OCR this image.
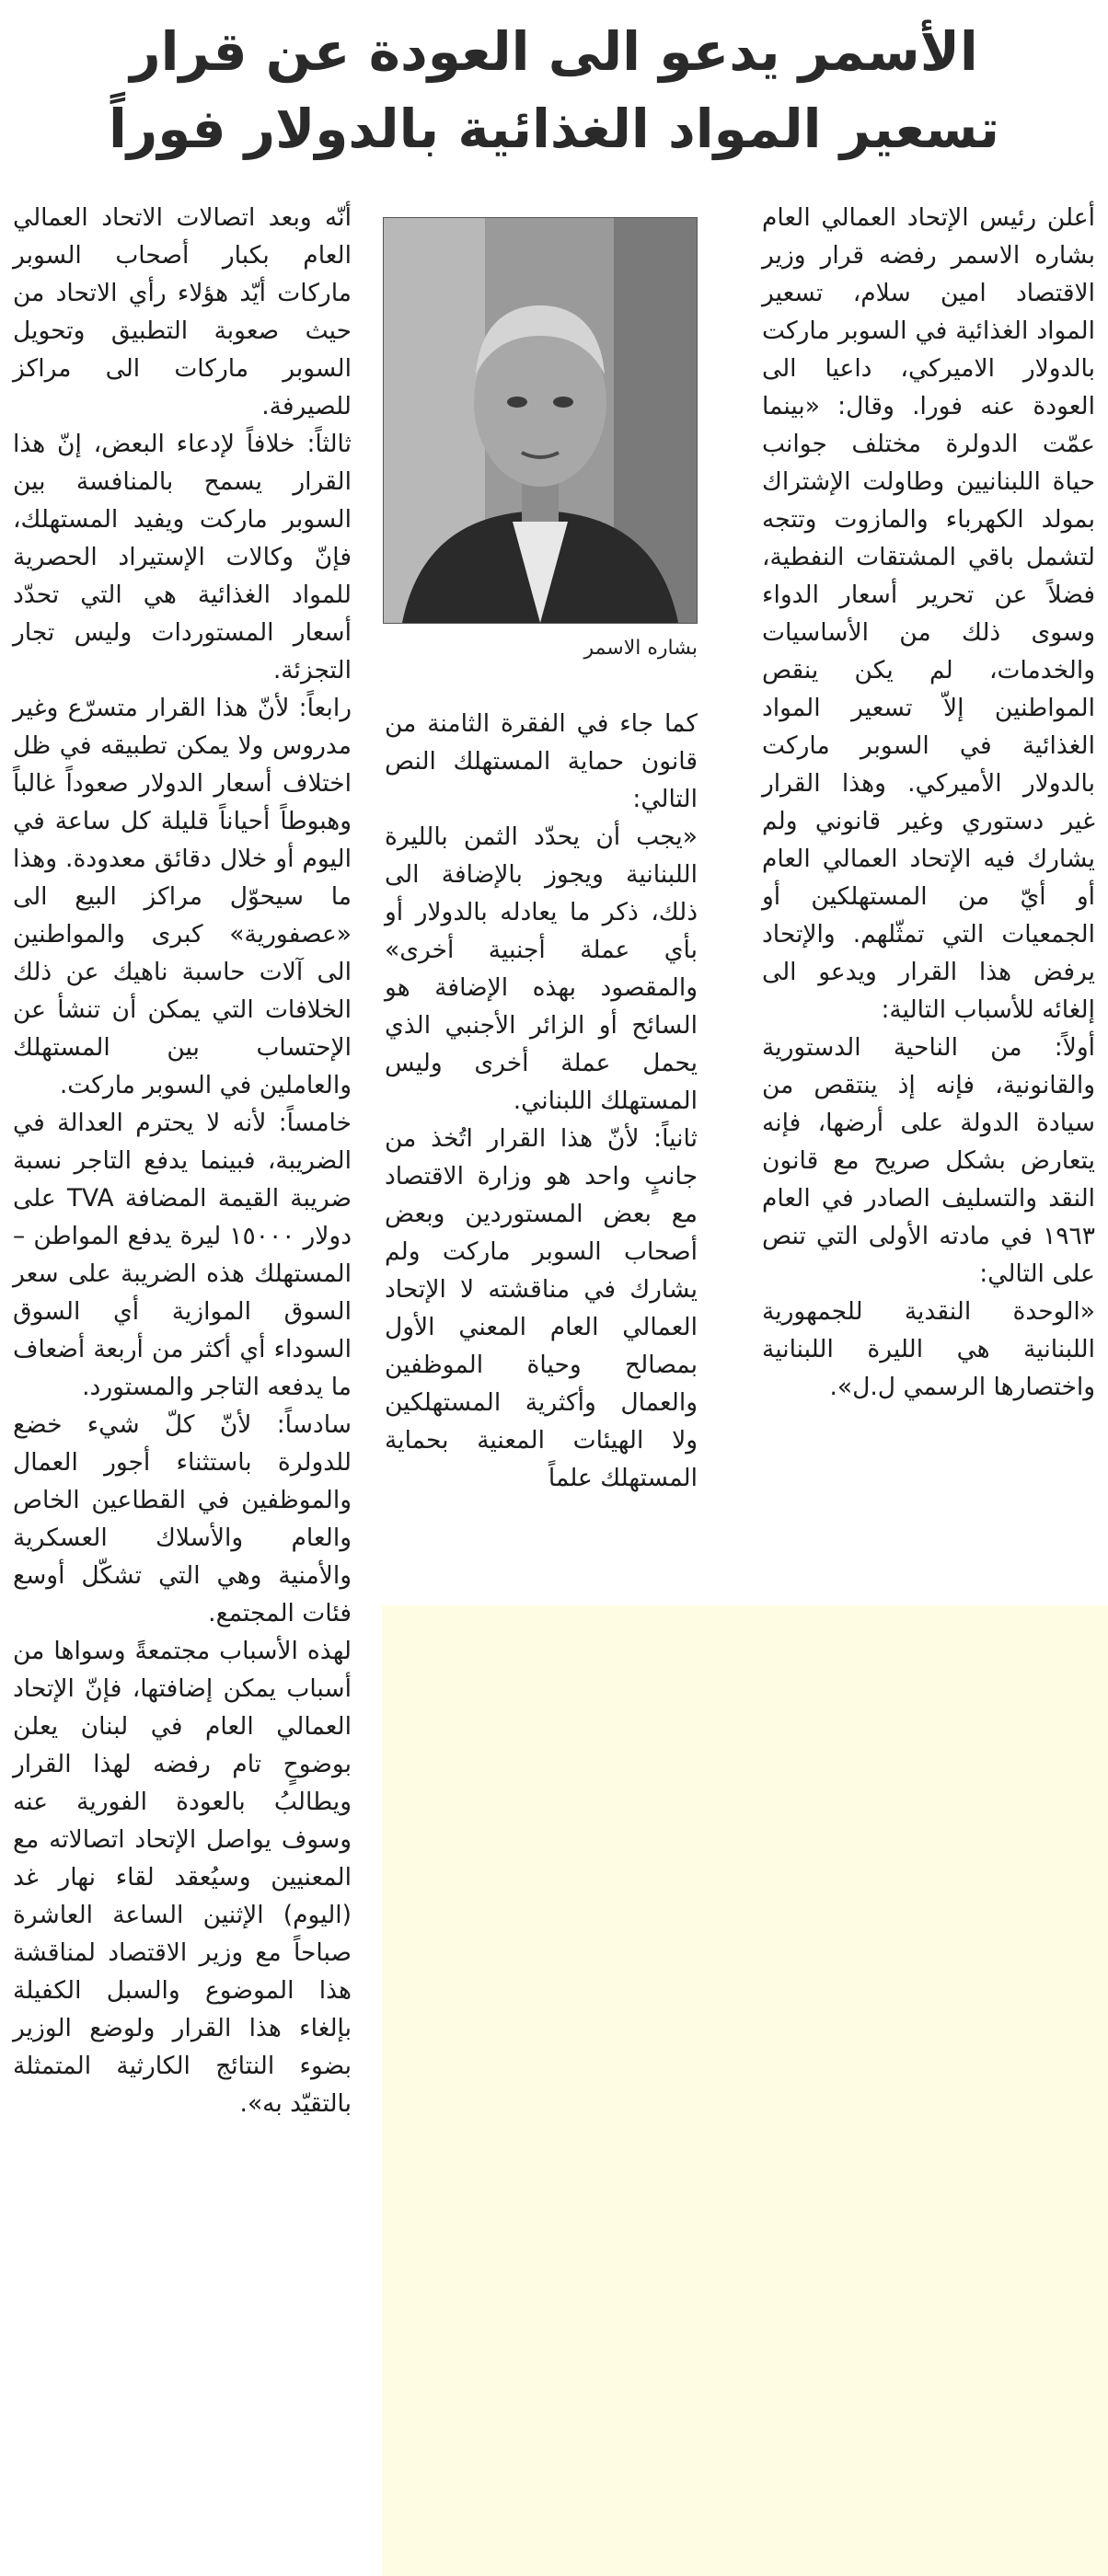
الأسمر يدعو الى العودة عن قرار
تسعير المواد الغذائية بالدولار فوراً

أعلن رئيس الإتحاد العمالي العام بشاره الاسمر رفضه قرار وزير الاقتصاد امين سلام، تسعير المواد الغذائية في السوبر ماركت بالدولار الاميركي، داعيا الى العودة عنه فورا. وقال: «بينما عمّت الدولرة مختلف جوانب حياة اللبنانيين وطاولت الإشتراك بمولد الكهرباء والمازوت وتتجه لتشمل باقي المشتقات النفطية، فضلاً عن تحرير أسعار الدواء وسوى ذلك من الأساسيات والخدمات، لم يكن ينقص المواطنين إلاّ تسعير المواد الغذائية في السوبر ماركت بالدولار الأميركي. وهذا القرار غير دستوري وغير قانوني ولم يشارك فيه الإتحاد العمالي العام أو أيّ من المستهلكين أو الجمعيات التي تمثّلهم. والإتحاد يرفض هذا القرار ويدعو الى إلغائه للأسباب التالية:

أولاً: من الناحية الدستورية والقانونية، فإنه إذ ينتقص من سيادة الدولة على أرضها، فإنه يتعارض بشكل صريح مع قانون النقد والتسليف الصادر في العام ١٩٦٣ في مادته الأولى التي تنص على التالي:

«الوحدة النقدية للجمهورية اللبنانية هي الليرة اللبنانية واختصارها الرسمي ل.ل».

بشاره الاسمر

كما جاء في الفقرة الثامنة من قانون حماية المستهلك النص التالي:

«يجب أن يحدّد الثمن بالليرة اللبنانية ويجوز بالإضافة الى ذلك، ذكر ما يعادله بالدولار أو بأي عملة أجنبية أخرى» والمقصود بهذه الإضافة هو السائح أو الزائر الأجنبي الذي يحمل عملة أخرى وليس المستهلك اللبناني.

ثانياً: لأنّ هذا القرار اتُخذ من جانبٍ واحد هو وزارة الاقتصاد مع بعض المستوردين وبعض أصحاب السوبر ماركت ولم يشارك في مناقشته لا الإتحاد العمالي العام المعني الأول بمصالح وحياة الموظفين والعمال وأكثرية المستهلكين ولا الهيئات المعنية بحماية المستهلك علماً

أنّه وبعد اتصالات الاتحاد العمالي العام بكبار أصحاب السوبر ماركات أيّد هؤلاء رأي الاتحاد من حيث صعوبة التطبيق وتحويل السوبر ماركات الى مراكز للصيرفة.

ثالثاً: خلافاً لإدعاء البعض، إنّ هذا القرار يسمح بالمنافسة بين السوبر ماركت ويفيد المستهلك، فإنّ وكالات الإستيراد الحصرية للمواد الغذائية هي التي تحدّد أسعار المستوردات وليس تجار التجزئة.

رابعاً: لأنّ هذا القرار متسرّع وغير مدروس ولا يمكن تطبيقه في ظل اختلاف أسعار الدولار صعوداً غالباً وهبوطاً أحياناً قليلة كل ساعة في اليوم أو خلال دقائق معدودة. وهذا ما سيحوّل مراكز البيع الى «عصفورية» كبرى والمواطنين الى آلات حاسبة ناهيك عن ذلك الخلافات التي يمكن أن تنشأ عن الإحتساب بين المستهلك والعاملين في السوبر ماركت.

خامساً: لأنه لا يحترم العدالة في الضريبة، فبينما يدفع التاجر نسبة ضريبة القيمة المضافة TVA على دولار ١٥٠٠٠ ليرة يدفع المواطن – المستهلك هذه الضريبة على سعر السوق الموازية أي السوق السوداء أي أكثر من أربعة أضعاف ما يدفعه التاجر والمستورد.

سادساً: لأنّ كلّ شيء خضع للدولرة باستثناء أجور العمال والموظفين في القطاعين الخاص والعام والأسلاك العسكرية والأمنية وهي التي تشكّل أوسع فئات المجتمع.

لهذه الأسباب مجتمعةً وسواها من أسباب يمكن إضافتها، فإنّ الإتحاد العمالي العام في لبنان يعلن بوضوحٍ تام رفضه لهذا القرار ويطالبُ بالعودة الفورية عنه وسوف يواصل الإتحاد اتصالاته مع المعنيين وسيُعقد لقاء نهار غد (اليوم) الإثنين الساعة العاشرة صباحاً مع وزير الاقتصاد لمناقشة هذا الموضوع والسبل الكفيلة بإلغاء هذا القرار ولوضع الوزير بضوء النتائج الكارثية المتمثلة بالتقيّد به».
